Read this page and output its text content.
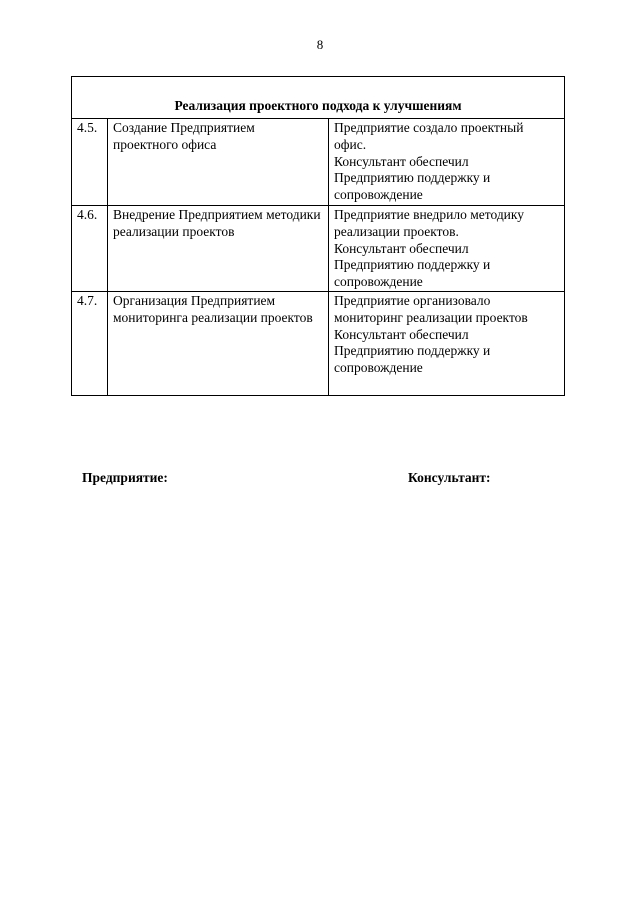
8
Реализация проектного подхода к улучшениям		
4.5.	Создание Предприятием проектного офиса	Предприятие создало проектный
офис.
Консультант обеспечил
Предприятию поддержку и
сопровождение

4.6.	Внедрение Предприятием методики реализации проектов	Предприятие внедрило методику
реализации проектов.
Консультант обеспечил
Предприятию поддержку и
сопровождение

4.7.	Организация Предприятием мониторинга реализации проектов	Предприятие организовало
мониторинг реализации проектов
Консультант обеспечил
Предприятию поддержку и
сопровождение
Предприятие:	Консультант:
